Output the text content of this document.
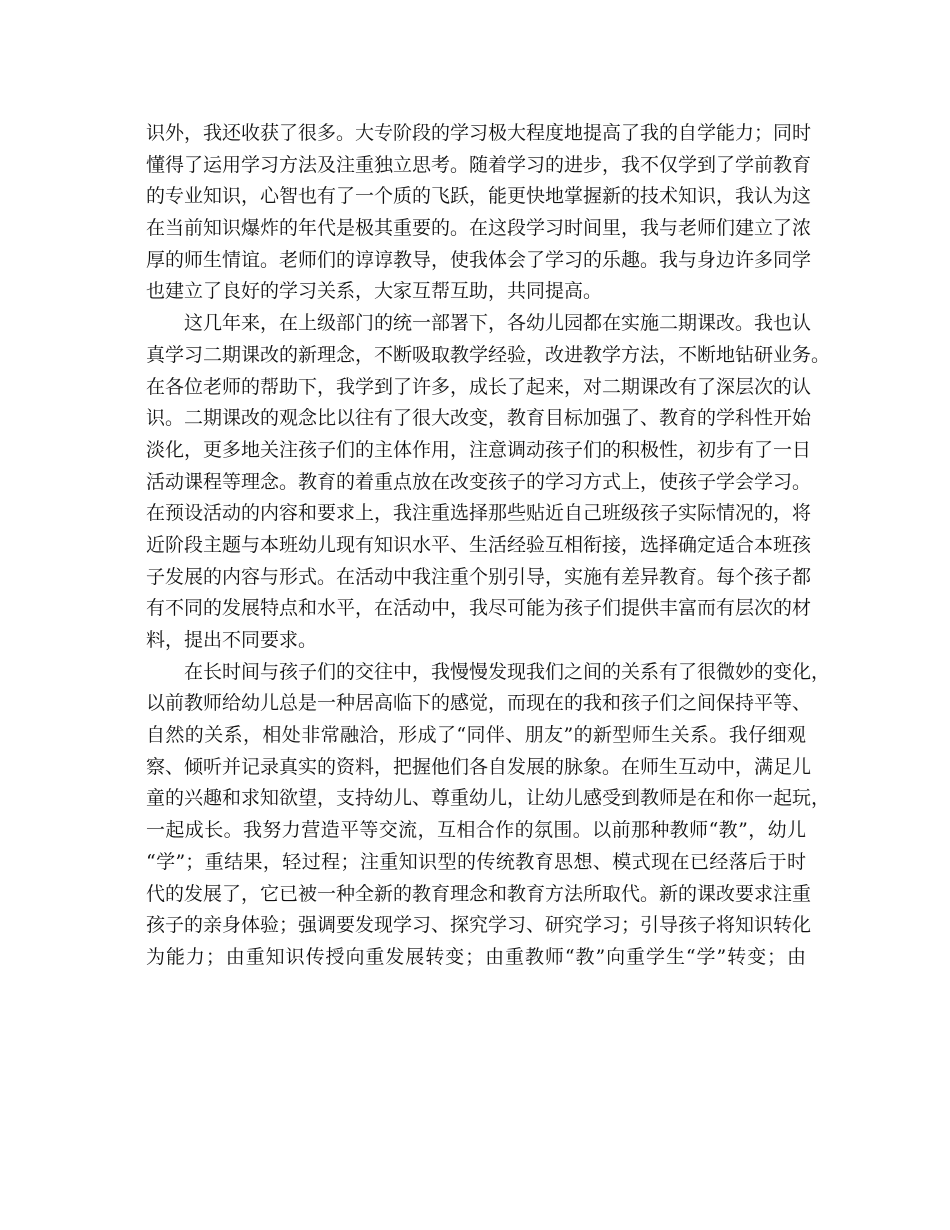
识外，我还收获了很多。大专阶段的学习极大程度地提高了我的自学能力；同时
懂得了运用学习方法及注重独立思考。随着学习的进步，我不仅学到了学前教育
的专业知识，心智也有了一个质的飞跃，能更快地掌握新的技术知识，我认为这
在当前知识爆炸的年代是极其重要的。在这段学习时间里，我与老师们建立了浓
厚的师生情谊。老师们的谆谆教导，使我体会了学习的乐趣。我与身边许多同学
也建立了良好的学习关系，大家互帮互助，共同提高。
这几年来，在上级部门的统一部署下，各幼儿园都在实施二期课改。我也认
真学习二期课改的新理念，不断吸取教学经验，改进教学方法，不断地钻研业务。
在各位老师的帮助下，我学到了许多，成长了起来，对二期课改有了深层次的认
识。二期课改的观念比以往有了很大改变，教育目标加强了、教育的学科性开始
淡化，更多地关注孩子们的主体作用，注意调动孩子们的积极性，初步有了一日
活动课程等理念。教育的着重点放在改变孩子的学习方式上，使孩子学会学习。
在预设活动的内容和要求上，我注重选择那些贴近自己班级孩子实际情况的，将
近阶段主题与本班幼儿现有知识水平、生活经验互相衔接，选择确定适合本班孩
子发展的内容与形式。在活动中我注重个别引导，实施有差异教育。每个孩子都
有不同的发展特点和水平，在活动中，我尽可能为孩子们提供丰富而有层次的材
料，提出不同要求。
在长时间与孩子们的交往中，我慢慢发现我们之间的关系有了很微妙的变化，
以前教师给幼儿总是一种居高临下的感觉，而现在的我和孩子们之间保持平等、
自然的关系，相处非常融洽，形成了“同伴、朋友”的新型师生关系。我仔细观
察、倾听并记录真实的资料，把握他们各自发展的脉象。在师生互动中，满足儿
童的兴趣和求知欲望，支持幼儿、尊重幼儿，让幼儿感受到教师是在和你一起玩，
一起成长。我努力营造平等交流，互相合作的氛围。以前那种教师“教”，幼儿
“学”；重结果，轻过程；注重知识型的传统教育思想、模式现在已经落后于时
代的发展了，它已被一种全新的教育理念和教育方法所取代。新的课改要求注重
孩子的亲身体验；强调要发现学习、探究学习、研究学习；引导孩子将知识转化
为能力；由重知识传授向重发展转变；由重教师“教”向重学生“学”转变；由
